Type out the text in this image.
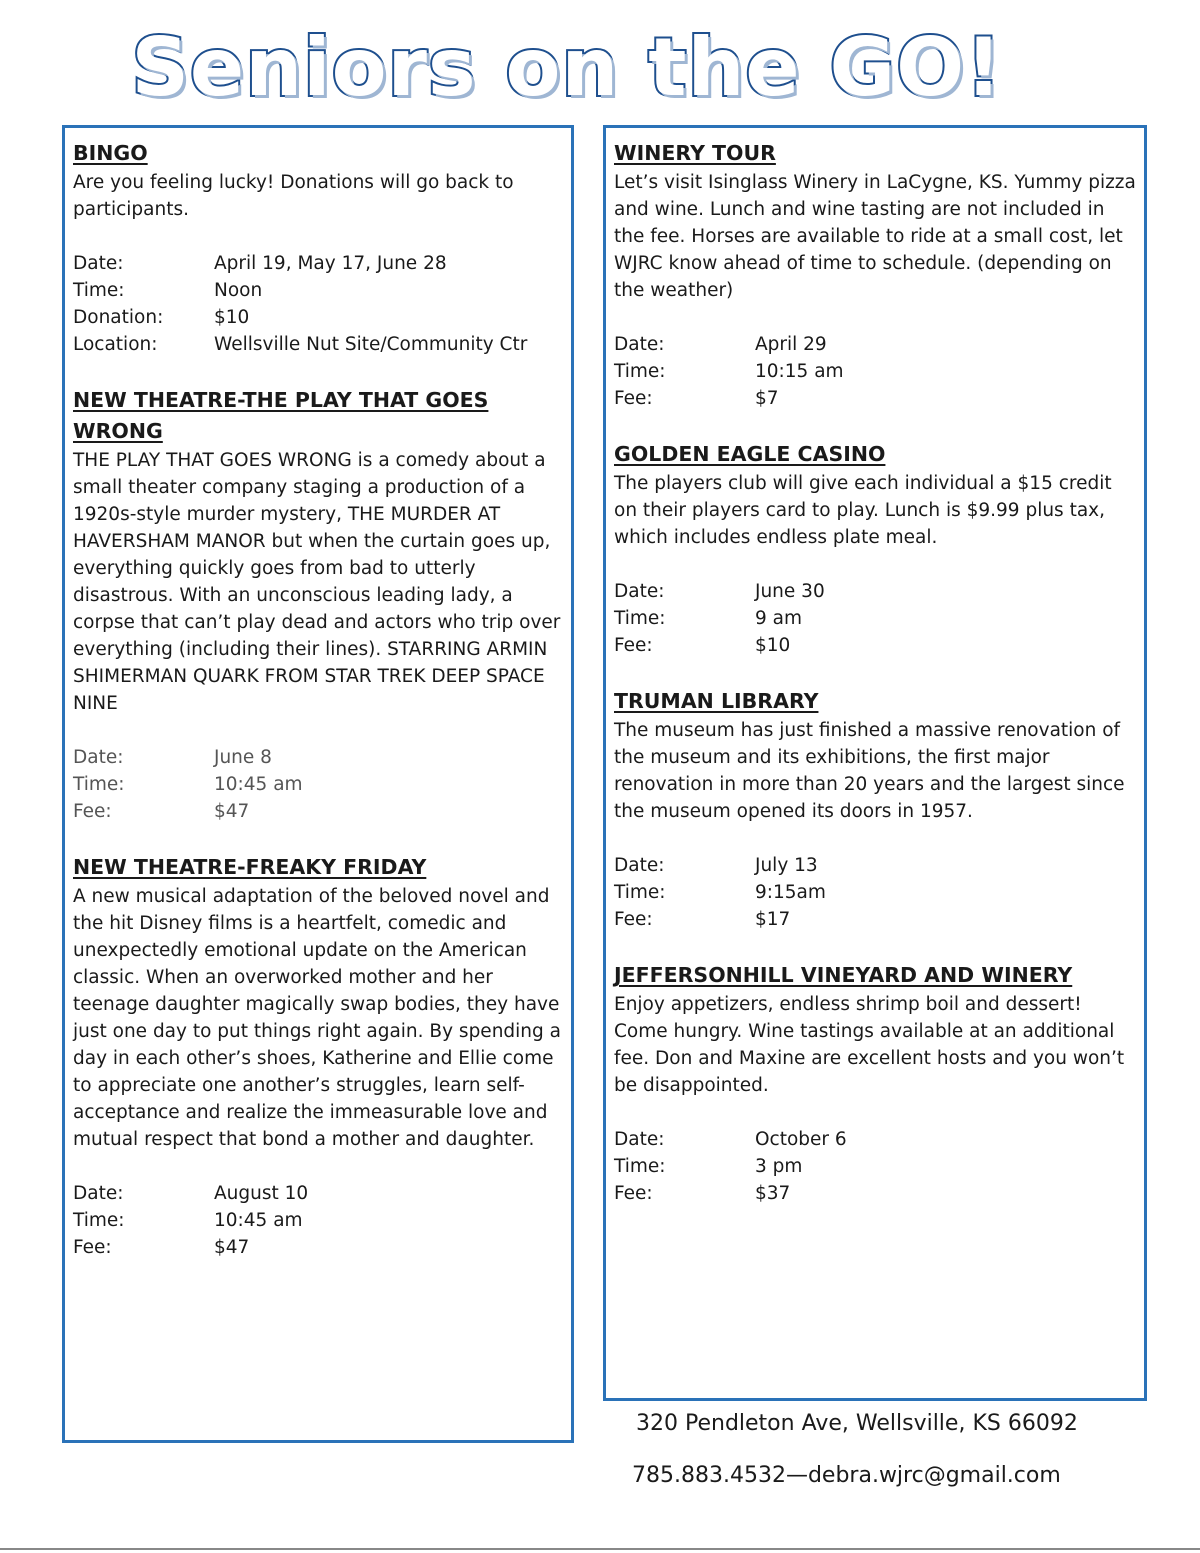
Seniors on the GO!
BINGO

Are you feeling lucky! Donations will go back to participants.

Date:	April 19, May 17, June 28
Time:	Noon
Donation:	$10
Location:	Wellsville Nut Site/Community Ctr
NEW THEATRE-THE PLAY THAT GOES WRONG

THE PLAY THAT GOES WRONG is a comedy about a small theater company staging a production of a 1920s-style murder mystery, THE MURDER AT HAVERSHAM MANOR but when the curtain goes up, everything quickly goes from bad to utterly disastrous. With an unconscious leading lady, a corpse that can’t play dead and actors who trip over everything (including their lines). STARRING ARMIN SHIMERMAN QUARK FROM STAR TREK DEEP SPACE NINE

Date:	June 8
Time:	10:45 am
Fee:	$47
NEW THEATRE-FREAKY FRIDAY

A new musical adaptation of the beloved novel and the hit Disney films is a heartfelt, comedic and unexpectedly emotional update on the American classic. When an overworked mother and her teenage daughter magically swap bodies, they have just one day to put things right again. By spending a day in each other’s shoes, Katherine and Ellie come to appreciate one another’s struggles, learn self-acceptance and realize the immeasurable love and mutual respect that bond a mother and daughter.

Date:	August 10
Time:	10:45 am
Fee:	$47
WINERY TOUR

Let’s visit Isinglass Winery in LaCygne, KS. Yummy pizza and wine. Lunch and wine tasting are not included in the fee. Horses are available to ride at a small cost, let WJRC know ahead of time to schedule. (depending on the weather)

Date:	April 29
Time:	10:15 am
Fee:	$7
GOLDEN EAGLE CASINO

The players club will give each individual a $15 credit on their players card to play. Lunch is $9.99 plus tax, which includes endless plate meal.

Date:	June 30
Time:	9 am
Fee:	$10
TRUMAN LIBRARY

The museum has just finished a massive renovation of the museum and its exhibitions, the first major renovation in more than 20 years and the largest since the museum opened its doors in 1957.

Date:	July 13
Time:	9:15am
Fee:	$17
JEFFERSONHILL VINEYARD AND WINERY

Enjoy appetizers, endless shrimp boil and dessert! Come hungry. Wine tastings available at an additional fee. Don and Maxine are excellent hosts and you won’t be disappointed.

Date:	October 6
Time:	3 pm
Fee:	$37
320 Pendleton Ave, Wellsville, KS 66092
785.883.4532—debra.wjrc@gmail.com
